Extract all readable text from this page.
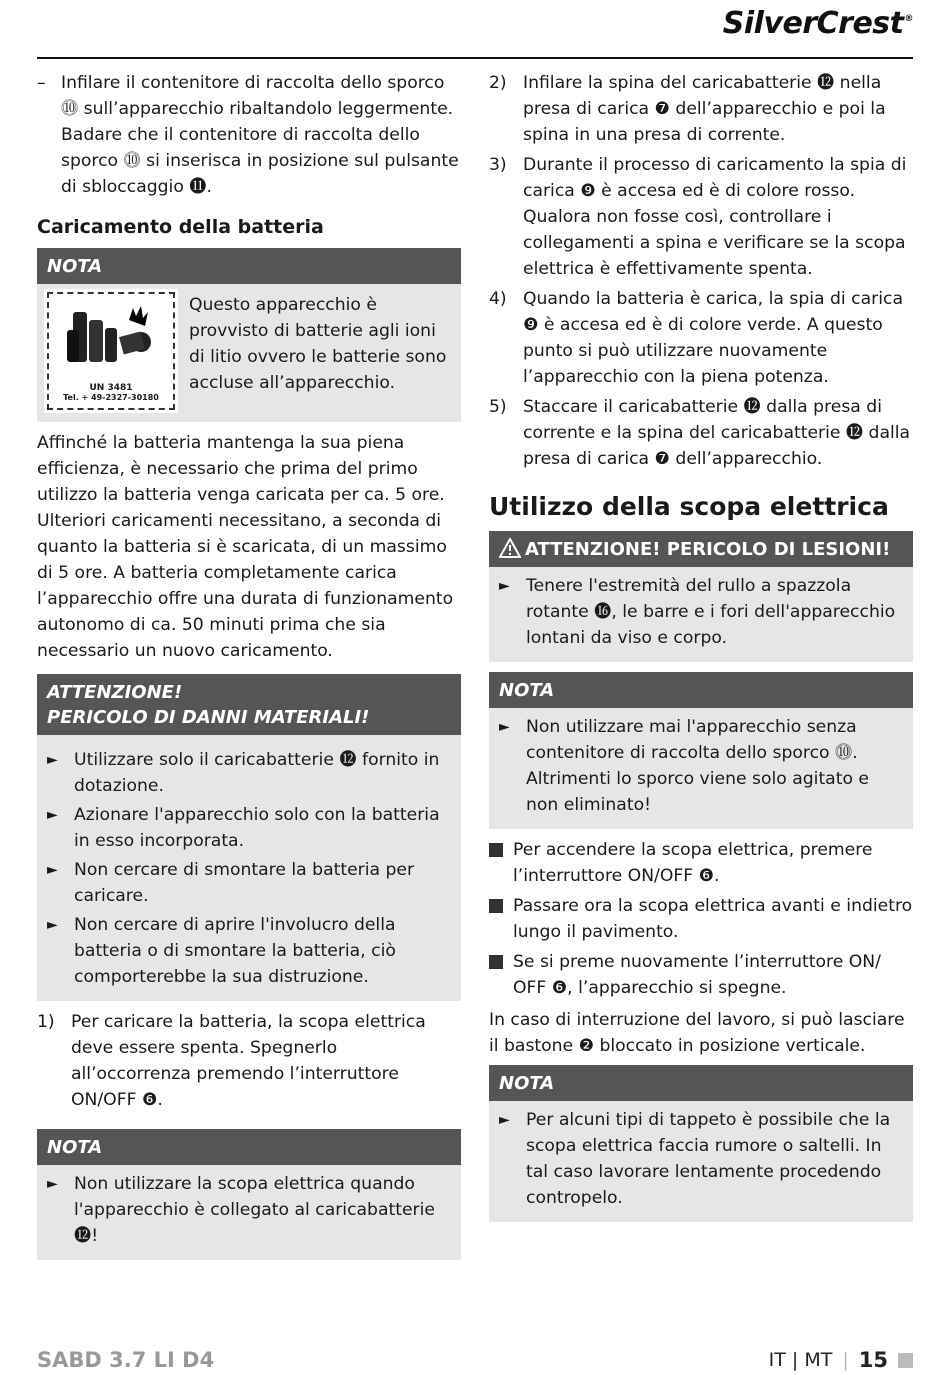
SilverCrest®
– Infilare il contenitore di raccolta dello sporco ⓾ sull’apparecchio ribaltandolo leggermente. Badare che il contenitore di raccolta dello sporco ⓾ si inserisca in posizione sul pulsante di sbloccaggio ⓫.
Caricamento della batteria
NOTA
UN 3481
Tel. + 49-2327-30180

Questo apparecchio è provvisto di batterie agli ioni di litio ovvero le batterie sono accluse all’apparecchio.

Affinché la batteria mantenga la sua piena efficienza, è necessario che prima del primo utilizzo la batteria venga caricata per ca. 5 ore.

Ulteriori caricamenti necessitano, a seconda di quanto la batteria si è scaricata, di un massimo di 5 ore. A batteria completamente carica l’apparecchio offre una durata di funzionamento autonomo di ca. 50 minuti prima che sia necessario un nuovo caricamento.

ATTENZIONE!
PERICOLO DI DANNI MATERIALI!
► Utilizzare solo il caricabatterie ⓬ fornito in dotazione.
► Azionare l'apparecchio solo con la batteria in esso incorporata.
► Non cercare di smontare la batteria per caricare.
► Non cercare di aprire l'involucro della batteria o di smontare la batteria, ciò comporterebbe la sua distruzione.
1) Per caricare la batteria, la scopa elettrica deve essere spenta. Spegnerlo all’occorrenza premendo l’interruttore ON/OFF ❻.
NOTA
► Non utilizzare la scopa elettrica quando l'apparecchio è collegato al caricabatterie ⓬!
2) Infilare la spina del caricabatterie ⓬ nella presa di carica ❼ dell’apparecchio e poi la spina in una presa di corrente.
3) Durante il processo di caricamento la spia di carica ❾ è accesa ed è di colore rosso. Qualora non fosse così, controllare i collegamenti a spina e verificare se la scopa elettrica è effettivamente spenta.
4) Quando la batteria è carica, la spia di carica ❾ è accesa ed è di colore verde. A questo punto si può utilizzare nuovamente l’apparecchio con la piena potenza.
5) Staccare il caricabatterie ⓬ dalla presa di corrente e la spina del caricabatterie ⓬ dalla presa di carica ❼ dell’apparecchio.
Utilizzo della scopa elettrica
ATTENZIONE! PERICOLO DI LESIONI!
► Tenere l'estremità del rullo a spazzola rotante ⓰, le barre e i fori dell'apparecchio lontani da viso e corpo.
NOTA
► Non utilizzare mai l'apparecchio senza contenitore di raccolta dello sporco ⓾. Altrimenti lo sporco viene solo agitato e non eliminato!
Per accendere la scopa elettrica, premere l’interruttore ON/OFF ❻.
Passare ora la scopa elettrica avanti e indietro lungo il pavimento.
Se si preme nuovamente l’interruttore ON/ OFF ❻, l’apparecchio si spegne.

In caso di interruzione del lavoro, si può lasciare il bastone ❷ bloccato in posizione verticale.

NOTA
► Per alcuni tipi di tappeto è possibile che la scopa elettrica faccia rumore o saltelli. In tal caso lavorare lentamente procedendo contropelo.
SABD 3.7 LI D4	IT | MT | 15
